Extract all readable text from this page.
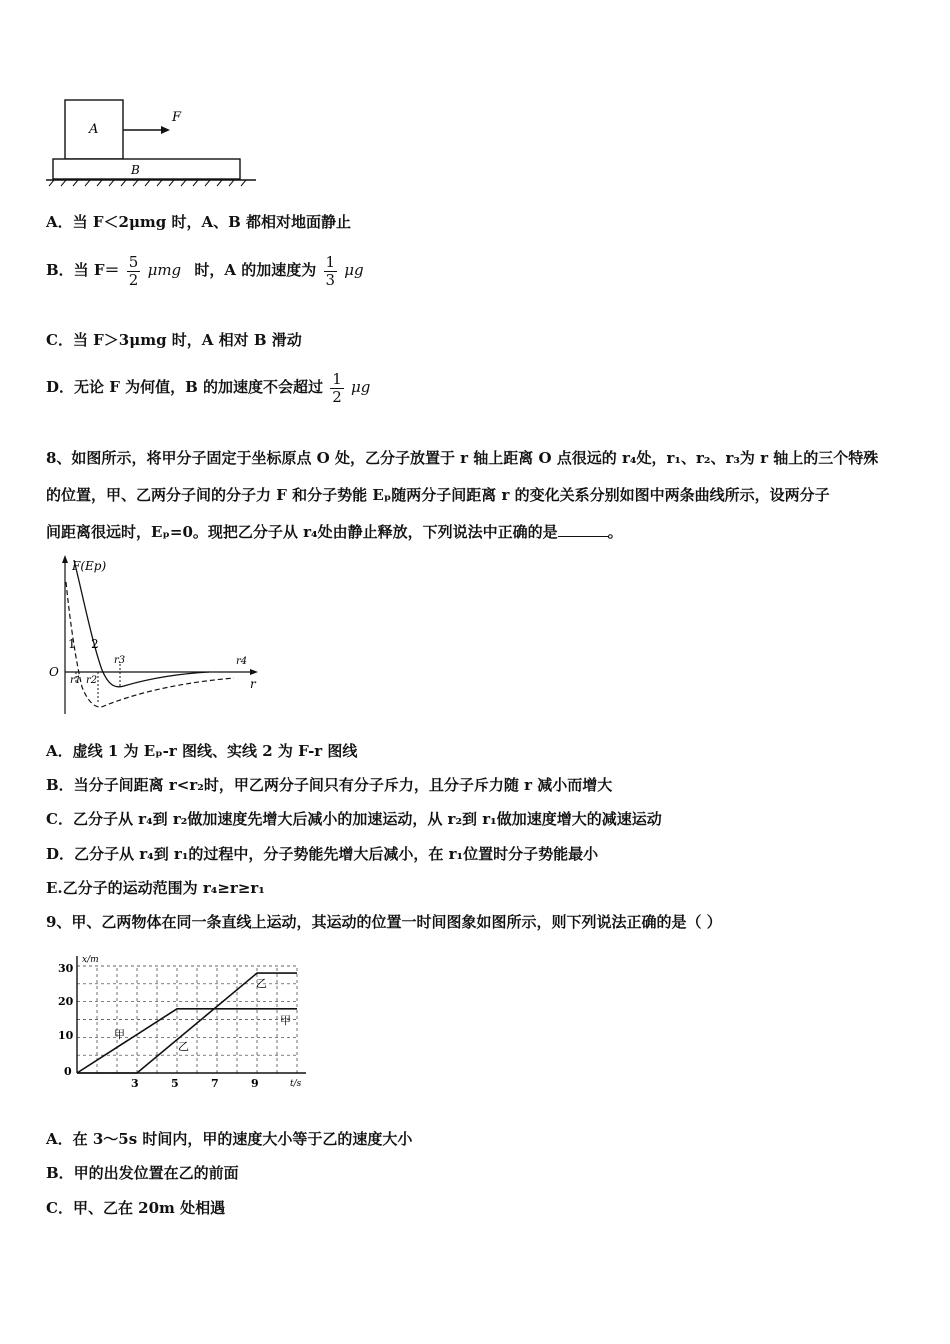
A
F
B
A．当 F＜2μmg 时，A、B 都相对地面静止
B．当 $F= \frac{5}{2}$ μmg 时，A 的加速度为 $\frac{1}{3}$ μg
C．当 F＞3μmg 时，A 相对 B 滑动
D．无论 F 为何值，B 的加速度不会超过 $\frac{1}{2}$ μg
8、如图所示，将甲分子固定于坐标原点 O 处，乙分子放置于 r 轴上距离 O 点很远的 r₄处，r₁、r₂、r₃为 r 轴上的三个特殊
的位置，甲、乙两分子间的分子力 F 和分子势能 Eₚ随两分子间距离 r 的变化关系分别如图中两条曲线所示，设两分子
间距离很远时，Eₚ=0。现把乙分子从 r₄处由静止释放，下列说法中正确的是	。
F(Ep)
O
r
1 2
r1 r2
r3	r4
A．虚线 1 为 Eₚ-r 图线、实线 2 为 F-r 图线
B．当分子间距离 r<r₂时，甲乙两分子间只有分子斥力，且分子斥力随 r 减小而增大
C．乙分子从 r₄到 r₂做加速度先增大后减小的加速运动，从 r₂到 r₁做加速度增大的减速运动
D．乙分子从 r₄到 r₁的过程中，分子势能先增大后减小，在 r₁位置时分子势能最小
E.乙分子的运动范围为 r₄≥r≥r₁
9、甲、乙两物体在同一条直线上运动，其运动的位置一时间图象如图所示，则下列说法正确的是（ ）
x/m
t/s
30
20
10
0
3	5	7	9
甲
甲
乙
乙
A．在 3～5s 时间内，甲的速度大小等于乙的速度大小
B．甲的出发位置在乙的前面
C．甲、乙在 20m 处相遇
